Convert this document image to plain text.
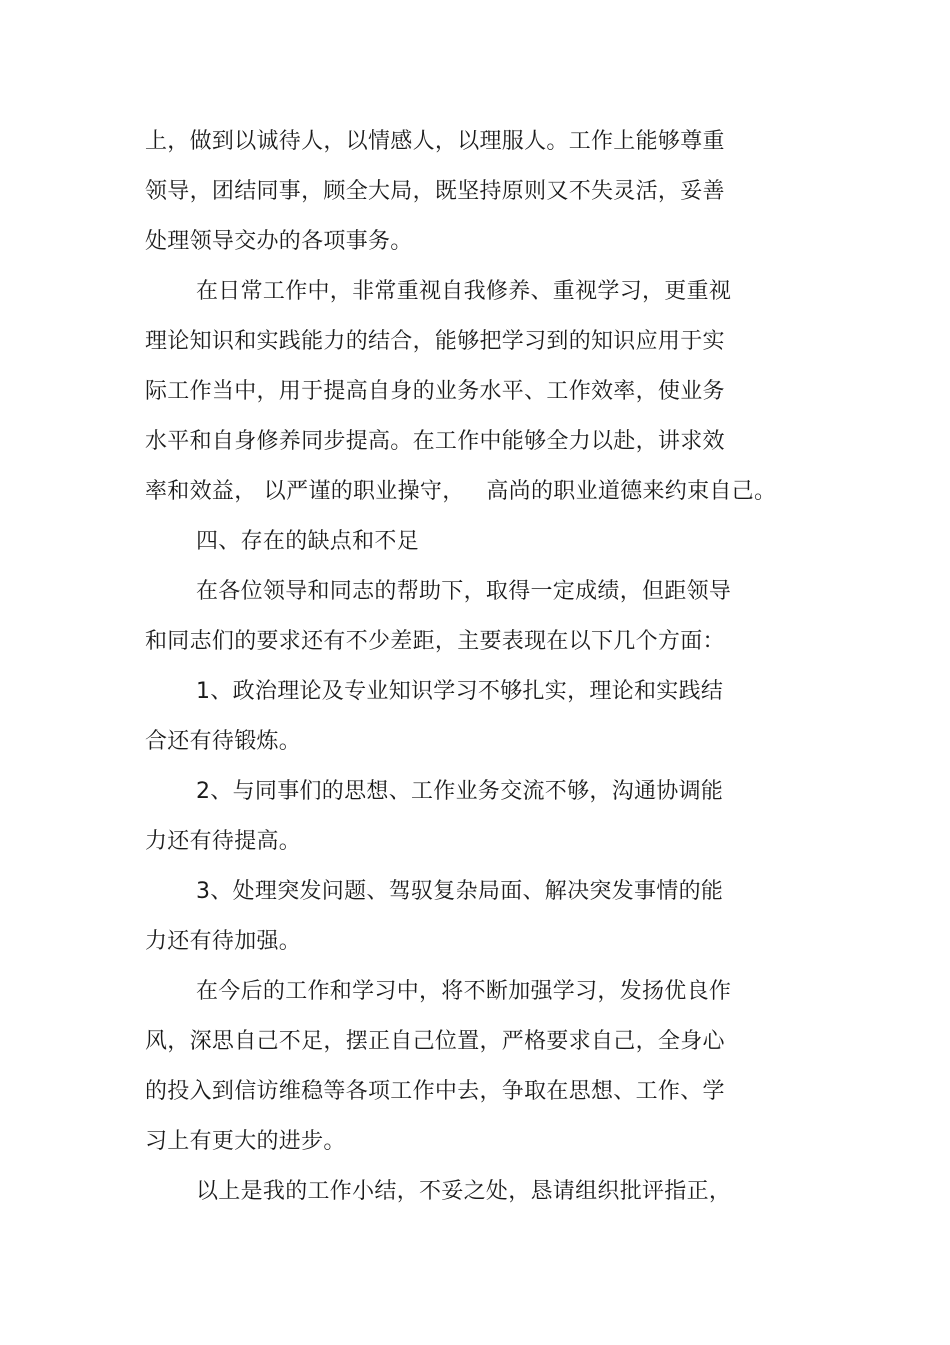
上，做到以诚待人，以情感人，以理服人。工作上能够尊重
领导，团结同事，顾全大局，既坚持原则又不失灵活，妥善
处理领导交办的各项事务。
在日常工作中，非常重视自我修养、重视学习，更重视
理论知识和实践能力的结合，能够把学习到的知识应用于实
际工作当中，用于提高自身的业务水平、工作效率，使业务
水平和自身修养同步提高。在工作中能够全力以赴，讲求效
率和效益， 以严谨的职业操守，   高尚的职业道德来约束自己。
四、存在的缺点和不足
在各位领导和同志的帮助下，取得一定成绩，但距领导
和同志们的要求还有不少差距，主要表现在以下几个方面：
1、政治理论及专业知识学习不够扎实，理论和实践结
合还有待锻炼。
2、与同事们的思想、工作业务交流不够，沟通协调能
力还有待提高。
3、处理突发问题、驾驭复杂局面、解决突发事情的能
力还有待加强。
在今后的工作和学习中，将不断加强学习，发扬优良作
风，深思自己不足，摆正自己位置，严格要求自己，全身心
的投入到信访维稳等各项工作中去，争取在思想、工作、学
习上有更大的进步。
以上是我的工作小结，不妥之处，恳请组织批评指正，
